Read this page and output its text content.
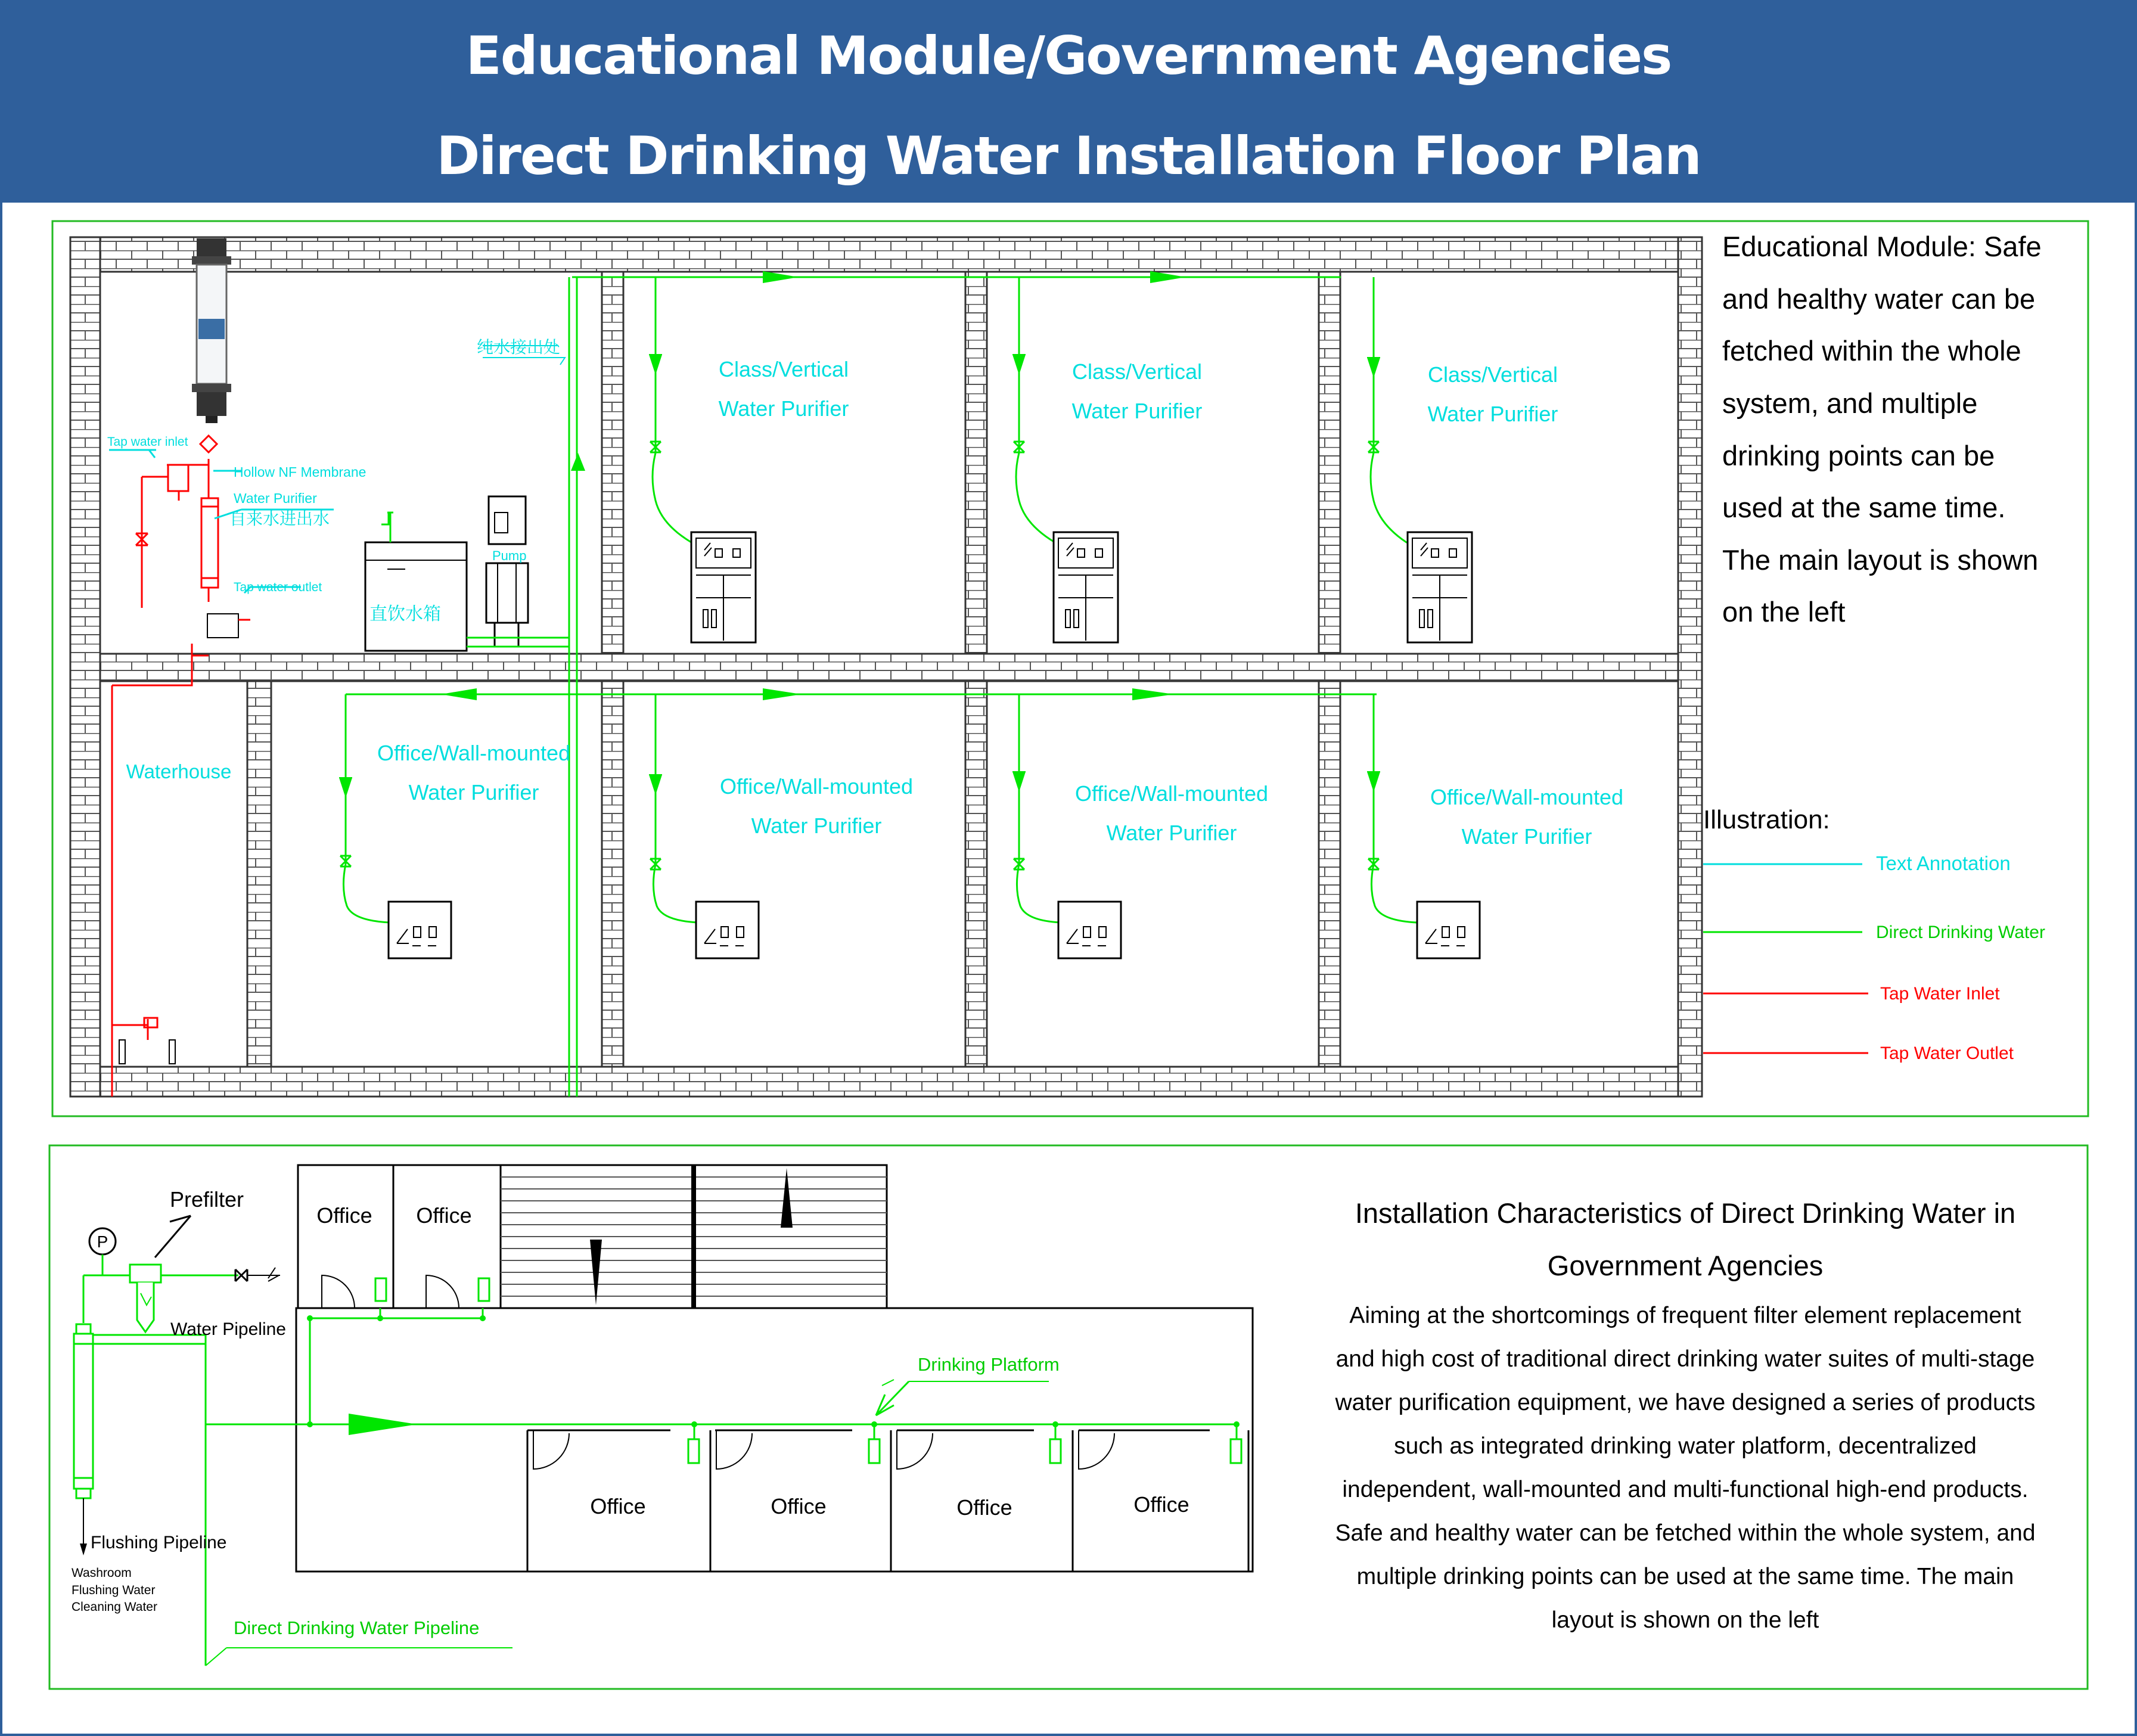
Educational Module/Government Agencies
Direct Drinking Water Installation Floor Plan
Tap water inlet
Hollow NF Membrane
Water Purifier
自来水进出水
Tap water outlet
纯水接出处
直饮水箱
Pump
Class/Vertical
Water Purifier
Class/Vertical
Water Purifier
Class/Vertical
Water Purifier
Office/Wall-mounted
Water Purifier	Office/Wall-mounted
Water Purifier
Office/Wall-mounted
Water Purifier
Office/Wall-mounted
Water Purifier
Waterhouse
Illustration:
Text Annotation
Direct Drinking Water
Tap Water Inlet
Tap Water Outlet
Educational Module: Safe
and healthy water can be
fetched within the whole
system, and multiple
drinking points can be
used at the same time.
The main layout is shown
on the left
P
Prefilter
Water Pipeline
Flushing Pipeline
Washroom
Flushing Water
Cleaning Water
Drinking Platform
Direct Drinking Water Pipeline
Office Office
Office	Office	Office	Office
Installation Characteristics of Direct Drinking Water in
Government Agencies
Aiming at the shortcomings of frequent filter element replacement
and high cost of traditional direct drinking water suites of multi-stage
water purification equipment, we have designed a series of products
such as integrated drinking water platform, decentralized
independent, wall-mounted and multi-functional high-end products.
Safe and healthy water can be fetched within the whole system, and
multiple drinking points can be used at the same time. The main
layout is shown on the left
